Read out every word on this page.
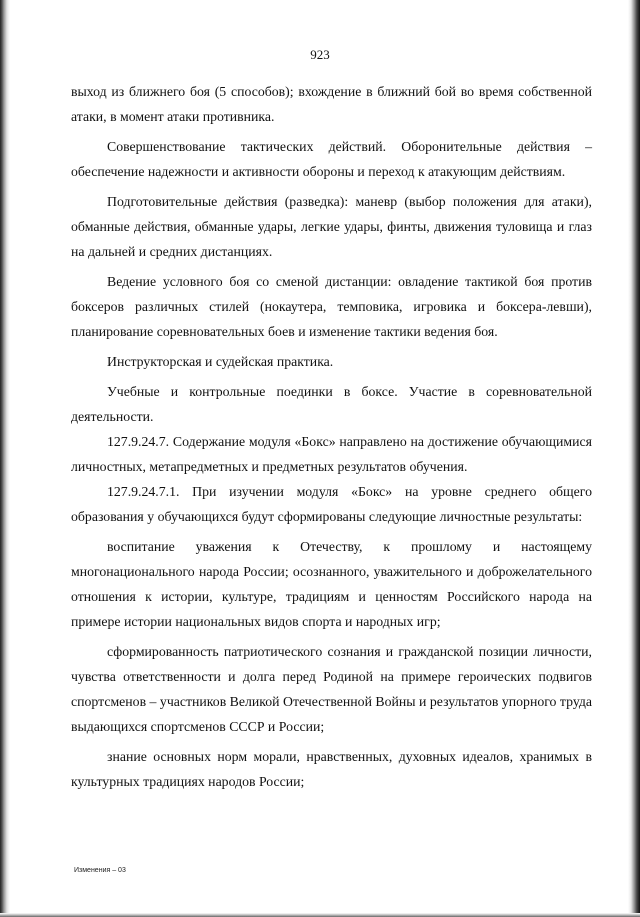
923

выход из ближнего боя (5 способов); вхождение в ближний бой во время собственной атаки, в момент атаки противника.

Совершенствование тактических действий. Оборонительные действия – обеспечение надежности и активности обороны и переход к атакующим действиям.

Подготовительные действия (разведка): маневр (выбор положения для атаки), обманные действия, обманные удары, легкие удары, финты, движения туловища и глаз на дальней и средних дистанциях.

Ведение условного боя со сменой дистанции: овладение тактикой боя против боксеров различных стилей (нокаутера, темповика, игровика и боксера-левши), планирование соревновательных боев и изменение тактики ведения боя.

Инструкторская и судейская практика.

Учебные и контрольные поединки в боксе. Участие в соревновательной деятельности.

127.9.24.7. Содержание модуля «Бокс» направлено на достижение обучающимися личностных, метапредметных и предметных результатов обучения.

127.9.24.7.1. При изучении модуля «Бокс» на уровне среднего общего образования у обучающихся будут сформированы следующие личностные результаты:

воспитание уважения к Отечеству, к прошлому и настоящему многонационального народа России; осознанного, уважительного и доброжелательного отношения к истории, культуре, традициям и ценностям Российского народа на примере истории национальных видов спорта и народных игр;

сформированность патриотического сознания и гражданской позиции личности, чувства ответственности и долга перед Родиной на примере героических подвигов спортсменов – участников Великой Отечественной Войны и результатов упорного труда выдающихся спортсменов СССР и России;

знание основных норм морали, нравственных, духовных идеалов, хранимых в культурных традициях народов России;

Изменения – 03
